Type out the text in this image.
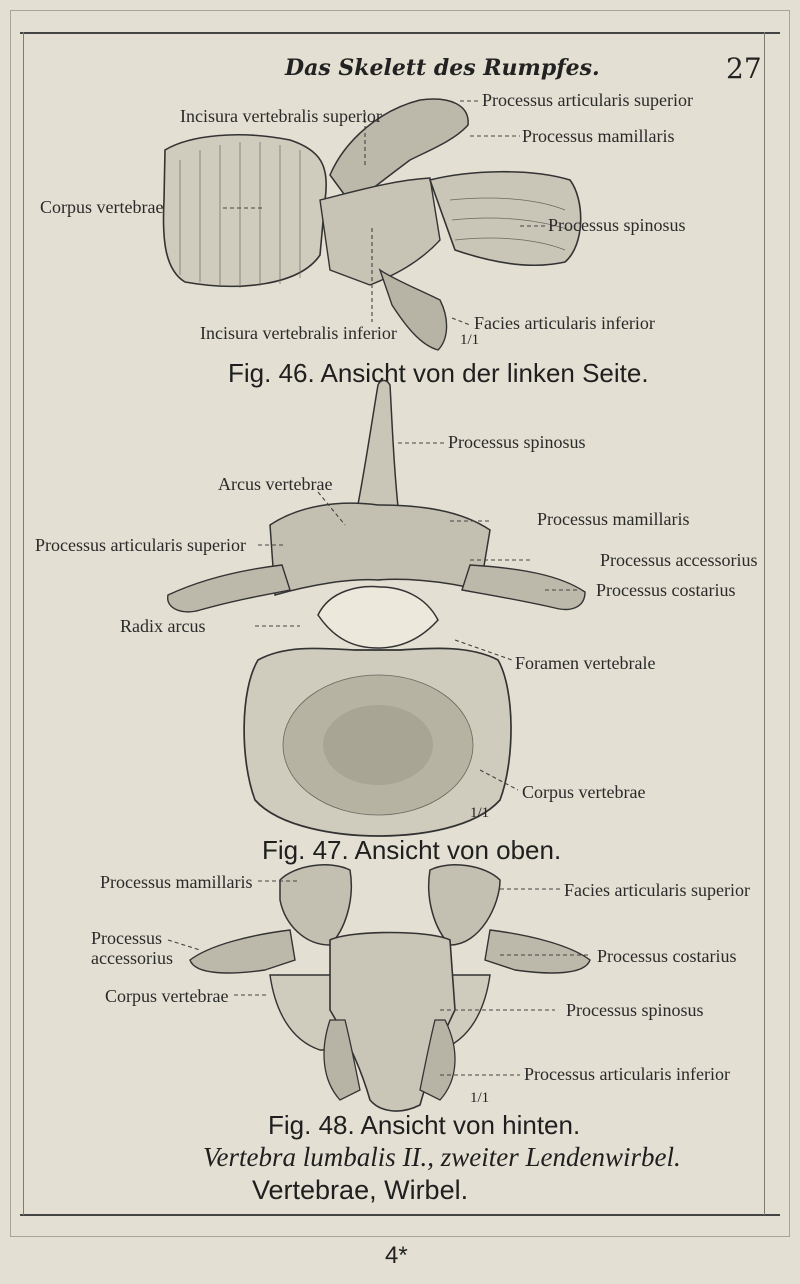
Das Skelett des Rumpfes.	27
Processus articularis superior
Incisura vertebralis superior
Processus mamillaris
Corpus vertebrae
Processus spinosus
Incisura vertebralis inferior	Facies articularis inferior
1/1
Fig. 46. Ansicht von der linken Seite.
Processus spinosus
Arcus vertebrae
Processus mamillaris
Processus articularis superior
Processus accessorius
Processus costarius
Radix arcus
Foramen vertebrale
Corpus vertebrae
1/1
Fig. 47. Ansicht von oben.
Processus mamillaris	Facies articularis superior
Processus
accessorius	Processus costarius
Corpus vertebrae
Processus spinosus
Processus articularis inferior
1/1
Fig. 48. Ansicht von hinten.
Vertebra lumbalis II., zweiter Lendenwirbel.
Vertebrae, Wirbel.
4*
